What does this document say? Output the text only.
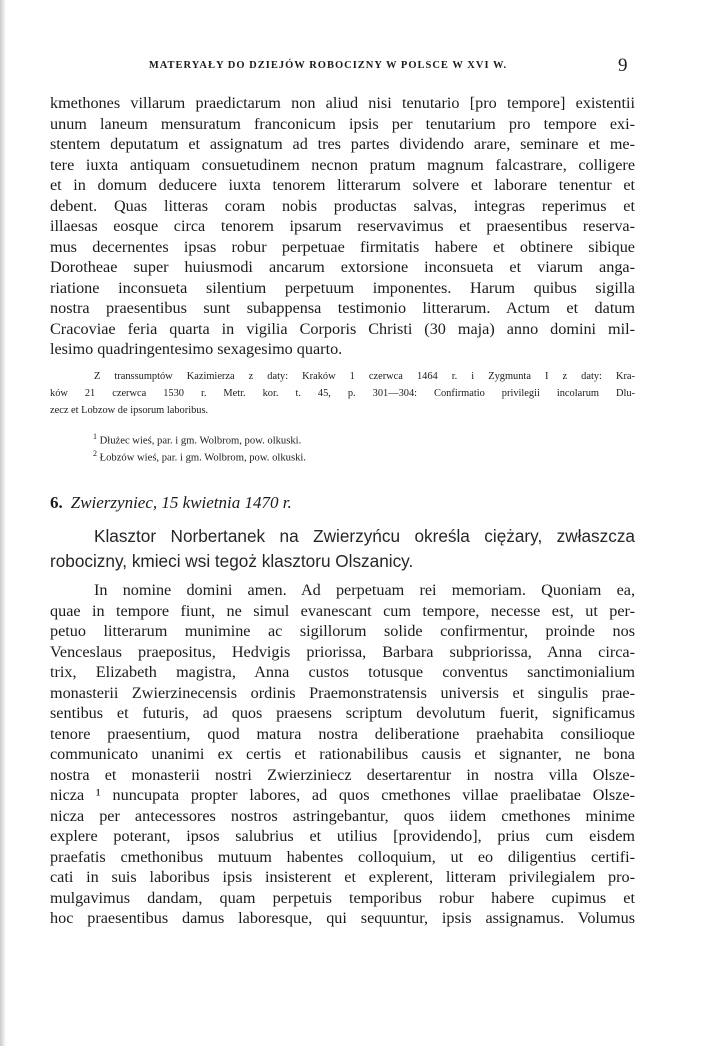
MATERYAŁY DO DZIEJÓW ROBOCIZNY W POLSCE W XVI W.	9
kmethones villarum praedictarum non aliud nisi tenutario [pro tempore] existentii
unum laneum mensuratum franconicum ipsis per tenutarium pro tempore exi-
stentem deputatum et assignatum ad tres partes dividendo arare, seminare et me-
tere iuxta antiquam consuetudinem necnon pratum magnum falcastrare, colligere
et in domum deducere iuxta tenorem litterarum solvere et laborare tenentur et
debent. Quas litteras coram nobis productas salvas, integras reperimus et
illaesas eosque circa tenorem ipsarum reservavimus et praesentibus reserva-
mus decernentes ipsas robur perpetuae firmitatis habere et obtinere sibique
Dorotheae super huiusmodi ancarum extorsione inconsueta et viarum anga-
riatione inconsueta silentium perpetuum imponentes. Harum quibus sigilla
nostra praesentibus sunt subappensa testimonio litterarum. Actum et datum
Cracoviae feria quarta in vigilia Corporis Christi (30 maja) anno domini mil-
lesimo quadringentesimo sexagesimo quarto.
Z transsumptów Kazimierza z daty: Kraków 1 czerwca 1464 r. i Zygmunta I z daty: Kra-
ków 21 czerwca 1530 r. Metr. kor. t. 45, p. 301—304: Confirmatio privilegii incolarum Dlu-
zecz et Lobzow de ipsorum laboribus.
$^1$ Dłużec wieś, par. i gm. Wolbrom, pow. olkuski.
$^2$ Łobzów wieś, par. i gm. Wolbrom, pow. olkuski.
6. Zwierzyniec, 15 kwietnia 1470 r.
Klasztor Norbertanek na Zwierzyńcu określa ciężary, zwłaszcza
robocizny, kmieci wsi tegoż klasztoru Olszanicy.
In nomine domini amen. Ad perpetuam rei memoriam. Quoniam ea,
quae in tempore fiunt, ne simul evanescant cum tempore, necesse est, ut per-
petuo litterarum munimine ac sigillorum solide confirmentur, proinde nos
Venceslaus praepositus, Hedvigis priorissa, Barbara subpriorissa, Anna circa-
trix, Elizabeth magistra, Anna custos totusque conventus sanctimonialium
monasterii Zwierzinecensis ordinis Praemonstratensis universis et singulis prae-
sentibus et futuris, ad quos praesens scriptum devolutum fuerit, significamus
tenore praesentium, quod matura nostra deliberatione praehabita consilioque
communicato unanimi ex certis et rationabilibus causis et signanter, ne bona
nostra et monasterii nostri Zwierziniecz desertarentur in nostra villa Olsze-
nicza ¹ nuncupata propter labores, ad quos cmethones villae praelibatae Olsze-
nicza per antecessores nostros astringebantur, quos iidem cmethones minime
explere poterant, ipsos salubrius et utilius [providendo], prius cum eisdem
praefatis cmethonibus mutuum habentes colloquium, ut eo diligentius certifi-
cati in suis laboribus ipsis insisterent et explerent, litteram privilegialem pro-
mulgavimus dandam, quam perpetuis temporibus robur habere cupimus et
hoc praesentibus damus laboresque, qui sequuntur, ipsis assignamus. Volumus
